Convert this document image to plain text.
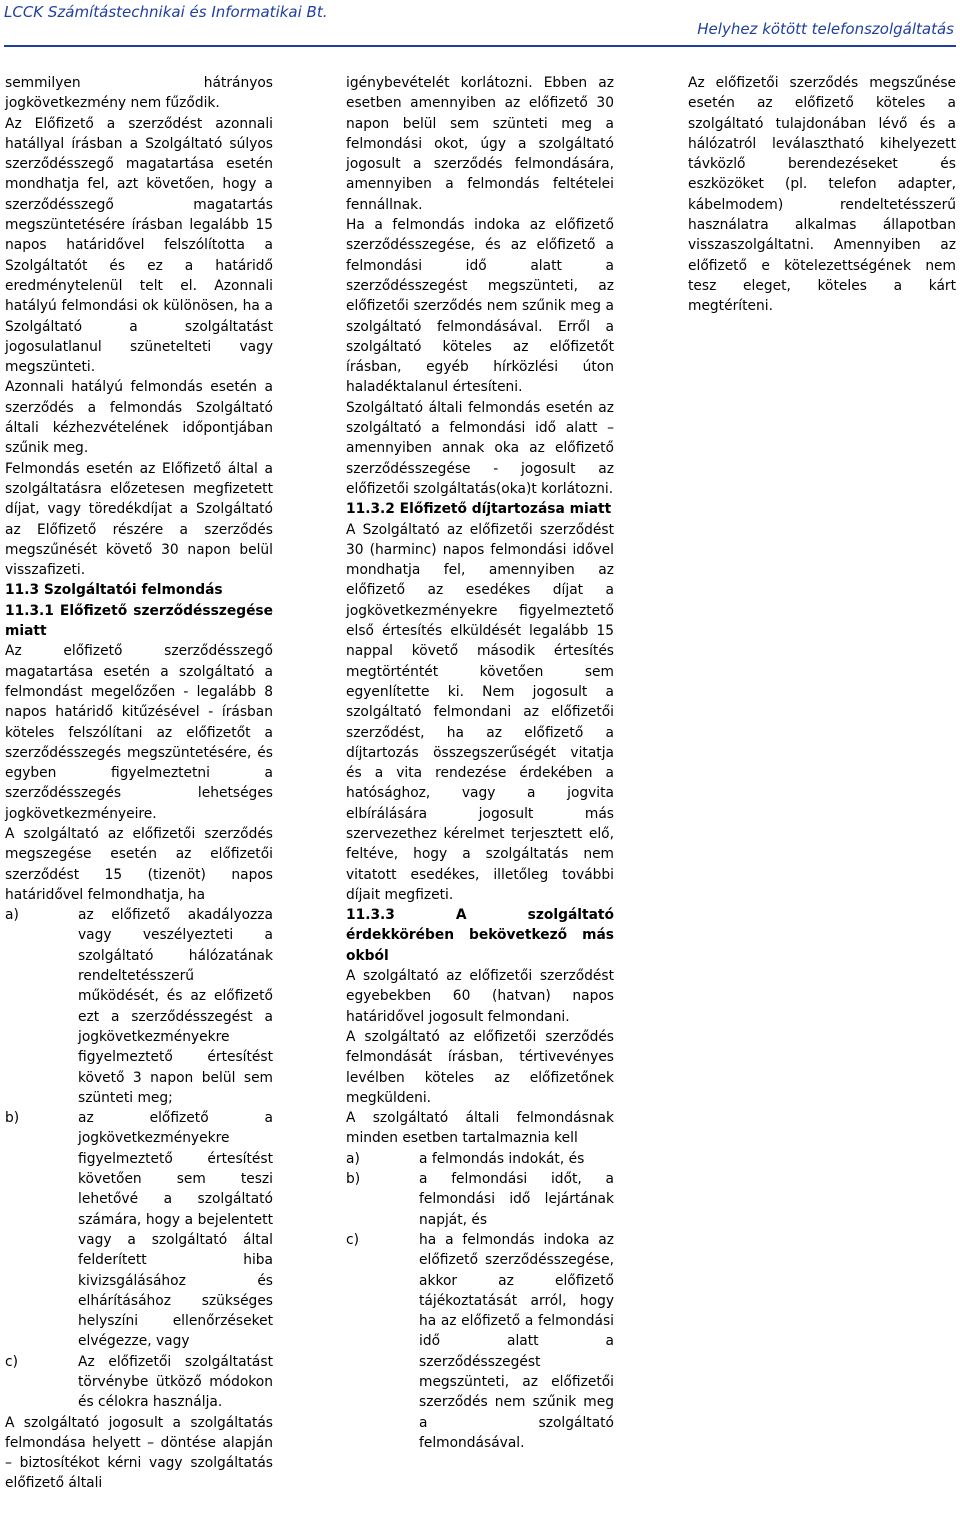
LCCK Számítástechnikai és Informatikai Bt.
Helyhez kötött telefonszolgáltatás

semmilyen hátrányos jogkövetkezmény nem fűződik.

Az Előfizető a szerződést azonnali hatállyal írásban a Szolgáltató súlyos szerződésszegő magatartása esetén mondhatja fel, azt követően, hogy a szerződésszegő magatartás megszüntetésére írásban legalább 15 napos határidővel felszólította a Szolgáltatót és ez a határidő eredménytelenül telt el. Azonnali hatályú felmondási ok különösen, ha a Szolgáltató a szolgáltatást jogosulatlanul szünetelteti vagy megszünteti.

Azonnali hatályú felmondás esetén a szerződés a felmondás Szolgáltató általi kézhezvételének időpontjában szűnik meg.

Felmondás esetén az Előfizető által a szolgáltatásra előzetesen megfizetett díjat, vagy töredékdíjat a Szolgáltató az Előfizető részére a szerződés megszűnését követő 30 napon belül visszafizeti.

11.3 Szolgáltatói felmondás
11.3.1 Előfizető szerződésszegése miatt

Az előfizető szerződésszegő magatartása esetén a szolgáltató a felmondást megelőzően - legalább 8 napos határidő kitűzésével - írásban köteles felszólítani az előfizetőt a szerződésszegés megszüntetésére, és egyben figyelmeztetni a szerződésszegés lehetséges jogkövetkezményeire.

A szolgáltató az előfizetői szerződés megszegése esetén az előfizetői szerződést 15 (tizenöt) napos határidővel felmondhatja, ha

a)	az előfizető akadályozza vagy veszélyezteti a szolgáltató hálózatának rendeltetésszerű működését, és az előfizető ezt a szerződésszegést a jogkövetkezményekre figyelmeztető értesítést követő 3 napon belül sem szünteti meg;
b)	az előfizető a jogkövetkezményekre figyelmeztető értesítést követően sem teszi lehetővé a szolgáltató számára, hogy a bejelentett vagy a szolgáltató által felderített hiba kivizsgálásához és elhárításához szükséges helyszíni ellenőrzéseket elvégezze, vagy
c)	Az előfizetői szolgáltatást törvénybe ütköző módokon és célokra használja.

A szolgáltató jogosult a szolgáltatás felmondása helyett – döntése alapján – biztosítékot kérni vagy szolgáltatás előfizető általi

igénybevételét korlátozni. Ebben az esetben amennyiben az előfizető 30 napon belül sem szünteti meg a felmondási okot, úgy a szolgáltató jogosult a szerződés felmondására, amennyiben a felmondás feltételei fennállnak.

Ha a felmondás indoka az előfizető szerződésszegése, és az előfizető a felmondási idő alatt a szerződésszegést megszünteti, az előfizetői szerződés nem szűnik meg a szolgáltató felmondásával. Erről a szolgáltató köteles az előfizetőt írásban, egyéb hírközlési úton haladéktalanul értesíteni.

Szolgáltató általi felmondás esetén az szolgáltató a felmondási idő alatt – amennyiben annak oka az előfizető szerződésszegése - jogosult az előfizetői szolgáltatás(oka)t korlátozni.

11.3.2 Előfizető díjtartozása miatt

A Szolgáltató az előfizetői szerződést 30 (harminc) napos felmondási idővel mondhatja fel, amennyiben az előfizető az esedékes díjat a jogkövetkezményekre figyelmeztető első értesítés elküldését legalább 15 nappal követő második értesítés megtörténtét követően sem egyenlítette ki. Nem jogosult a szolgáltató felmondani az előfizetői szerződést, ha az előfizető a díjtartozás összegszerűségét vitatja és a vita rendezése érdekében a hatósághoz, vagy a jogvita elbírálására jogosult más szervezethez kérelmet terjesztett elő, feltéve, hogy a szolgáltatás nem vitatott esedékes, illetőleg további díjait megfizeti.

11.3.3 A szolgáltató érdekkörében bekövetkező más okból

A szolgáltató az előfizetői szerződést egyebekben 60 (hatvan) napos határidővel jogosult felmondani.

A szolgáltató az előfizetői szerződés felmondását írásban, tértivevényes levélben köteles az előfizetőnek megküldeni.

A szolgáltató általi felmondásnak minden esetben tartalmaznia kell

a)	a felmondás indokát, és
b)	a felmondási időt, a felmondási idő lejártának napját, és
c)	ha a felmondás indoka az előfizető szerződésszegése, akkor az előfizető tájékoztatását arról, hogy ha az előfizető a felmondási idő alatt a szerződésszegést megszünteti, az előfizetői szerződés nem szűnik meg a szolgáltató felmondásával.

Az előfizetői szerződés megszűnése esetén az előfizető köteles a szolgáltató tulajdonában lévő és a hálózatról leválasztható kihelyezett távközlő berendezéseket és eszközöket (pl. telefon adapter, kábelmodem) rendeltetésszerű használatra alkalmas állapotban visszaszolgáltatni. Amennyiben az előfizető e kötelezettségének nem tesz eleget, köteles a kárt megtéríteni.
